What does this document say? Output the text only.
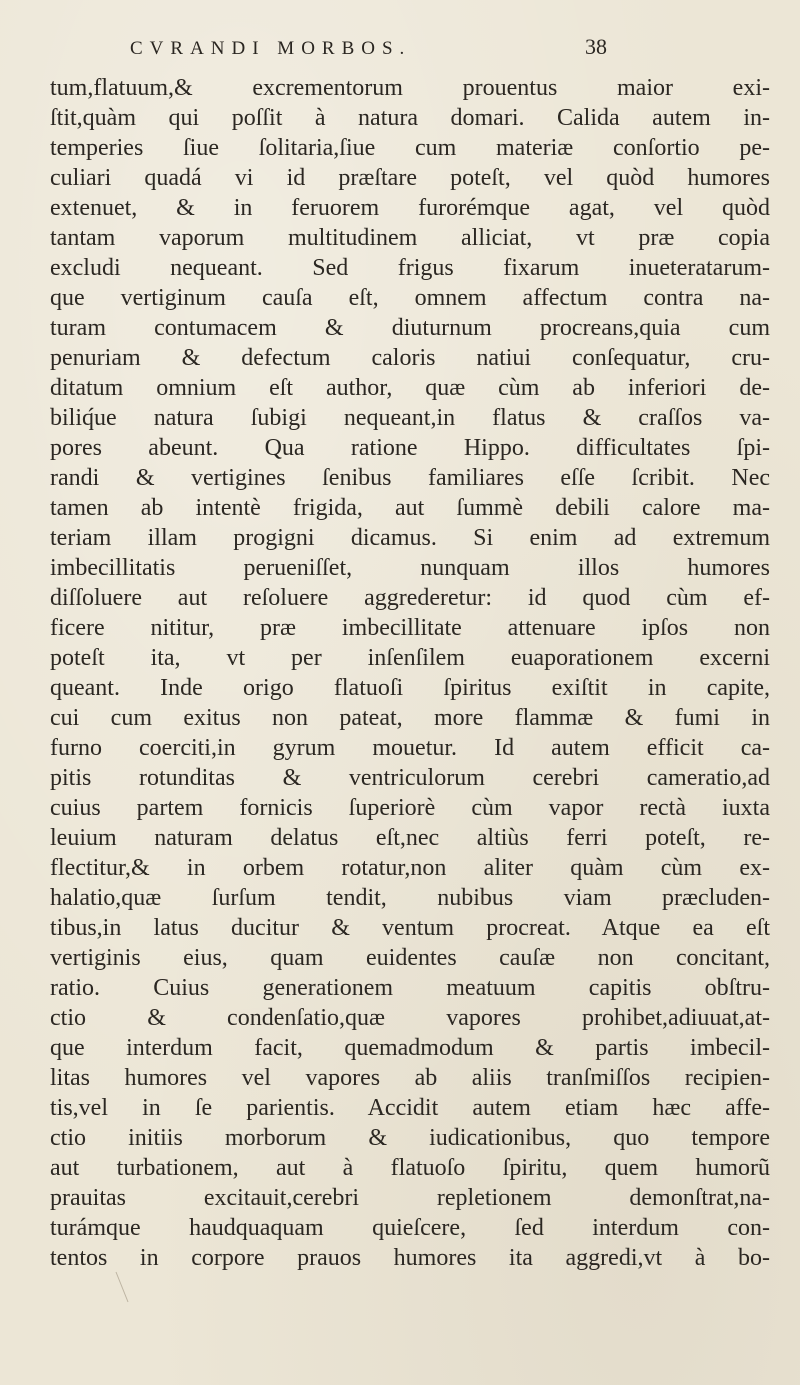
CVRANDI MORBOS.	38
tum,flatuum,& excrementorum prouentus maior exi-
ſtit,quàm qui poſſit à natura domari. Calida autem in-
temperies ſiue ſolitaria,ſiue cum materiæ conſortio pe-
culiari quadá vi id præſtare poteſt, vel quòd humores
extenuet, & in feruorem furorémque agat, vel quòd
tantam vaporum multitudinem alliciat, vt præ copia
excludi nequeant. Sed frigus fixarum inueteratarum-
que vertiginum cauſa eſt, omnem affectum contra na-
turam contumacem & diuturnum procreans,quia cum
penuriam & defectum caloris natiui conſequatur, cru-
ditatum omnium eſt author, quæ cùm ab inferiori de-
biliq́ue natura ſubigi nequeant,in flatus & craſſos va-
pores abeunt. Qua ratione Hippo. difficultates ſpi-
randi & vertigines ſenibus familiares eſſe ſcribit. Nec
tamen ab intentè frigida, aut ſummè debili calore ma-
teriam illam progigni dicamus. Si enim ad extremum
imbecillitatis perueniſſet, nunquam illos humores
diſſoluere aut reſoluere aggrederetur: id quod cùm ef-
ficere nititur, præ imbecillitate attenuare ipſos non
poteſt ita, vt per inſenſilem euaporationem excerni
queant. Inde origo flatuoſi ſpiritus exiſtit in capite,
cui cum exitus non pateat, more flammæ & fumi in
furno coerciti,in gyrum mouetur. Id autem efficit ca-
pitis rotunditas & ventriculorum cerebri cameratio,ad
cuius partem fornicis ſuperiorè cùm vapor rectà iuxta
leuium naturam delatus eſt,nec altiùs ferri poteſt, re-
flectitur,& in orbem rotatur,non aliter quàm cùm ex-
halatio,quæ ſurſum tendit, nubibus viam præcluden-
tibus,in latus ducitur & ventum procreat. Atque ea eſt
vertiginis eius, quam euidentes cauſæ non concitant,
ratio. Cuius generationem meatuum capitis obſtru-
ctio & condenſatio,quæ vapores prohibet,adiuuat,at-
que interdum facit, quemadmodum & partis imbecil-
litas humores vel vapores ab aliis tranſmiſſos recipien-
tis,vel in ſe parientis. Accidit autem etiam hæc affe-
ctio initiis morborum & iudicationibus, quo tempore
aut turbationem, aut à flatuoſo ſpiritu, quem humorũ
prauitas excitauit,cerebri repletionem demonſtrat,na-
turámque haudquaquam quieſcere, ſed interdum con-
tentos in corpore prauos humores ita aggredi,vt à bo-
